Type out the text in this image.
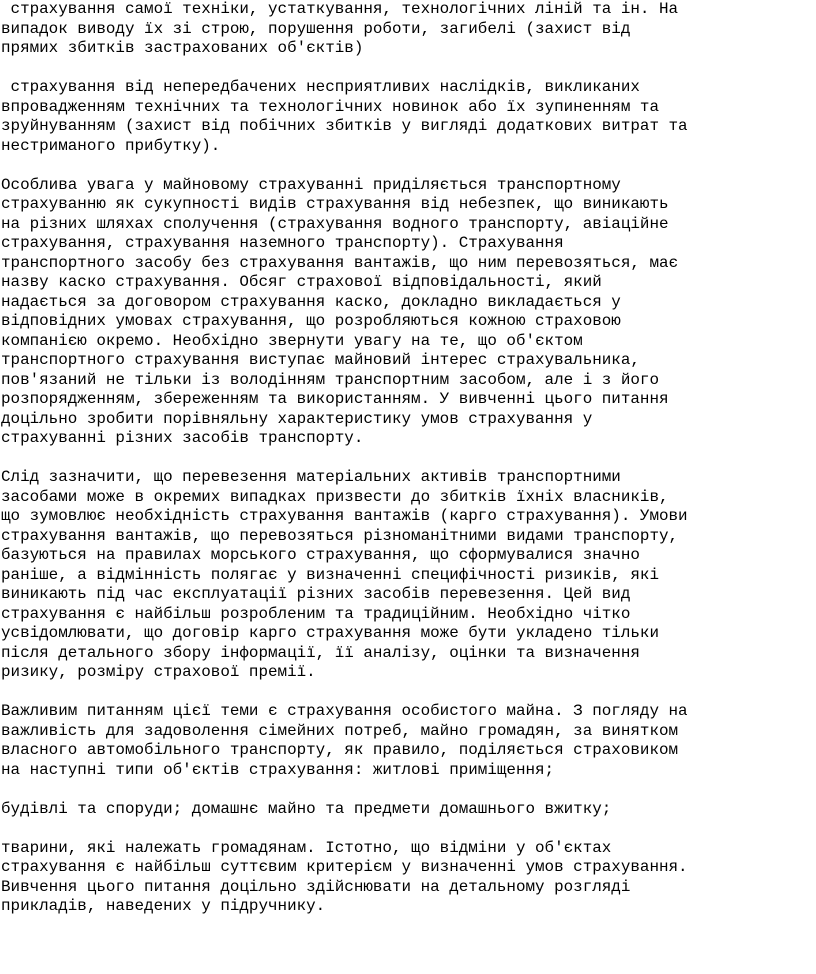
страхування самої техніки, устаткування, технологічних ліній та ін. На

випадок виводу їх зі строю, порушення роботи, загибелі (захист від

прямих збитків застрахованих об'єктів)

страхування від непередбачених несприятливих наслідків, викликаних

впровадженням технічних та технологічних новинок або їх зупиненням та

зруйнуванням (захист від побічних збитків у вигляді додаткових витрат та

нестриманого прибутку).

Особлива увага у майновому страхуванні приділяється транспортному

страхуванню як сукупності видів страхування від небезпек, що виникають

на різних шляхах сполучення (страхування водного транспорту, авіаційне

страхування, страхування наземного транспорту). Страхування

транспортного засобу без страхування вантажів, що ним перевозяться, має

назву каско страхування. Обсяг страхової відповідальності, який

надається за договором страхування каско, докладно викладається у

відповідних умовах страхування, що розробляються кожною страховою

компанією окремо. Необхідно звернути увагу на те, що об'єктом

транспортного страхування виступає майновий інтерес страхувальника,

пов'язаний не тільки із володінням транспортним засобом, але і з його

розпорядженням, збереженням та використанням. У вивченні цього питання

доцільно зробити порівняльну характеристику умов страхування у

страхуванні різних засобів транспорту.

Слід зазначити, що перевезення матеріальних активів транспортними

засобами може в окремих випадках призвести до збитків їхніх власників,

що зумовлює необхідність страхування вантажів (карго страхування). Умови

страхування вантажів, що перевозяться різноманітними видами транспорту,

базуються на правилах морського страхування, що сформувалися значно

раніше, а відмінність полягає у визначенні специфічності ризиків, які

виникають під час експлуатації різних засобів перевезення. Цей вид

страхування є найбільш розробленим та традиційним. Необхідно чітко

усвідомлювати, що договір карго страхування може бути укладено тільки

після детального збору інформації, її аналізу, оцінки та визначення

ризику, розміру страхової премії.

Важливим питанням цієї теми є страхування особистого майна. З погляду на

важливість для задоволення сімейних потреб, майно громадян, за винятком

власного автомобільного транспорту, як правило, поділяється страховиком

на наступні типи об'єктів страхування: житлові приміщення;

будівлі та споруди; домашнє майно та предмети домашнього вжитку;

тварини, які належать громадянам. Істотно, що відміни у об'єктах

страхування є найбільш суттєвим критерієм у визначенні умов страхування.

Вивчення цього питання доцільно здійснювати на детальному розгляді

прикладів, наведених у підручнику.
